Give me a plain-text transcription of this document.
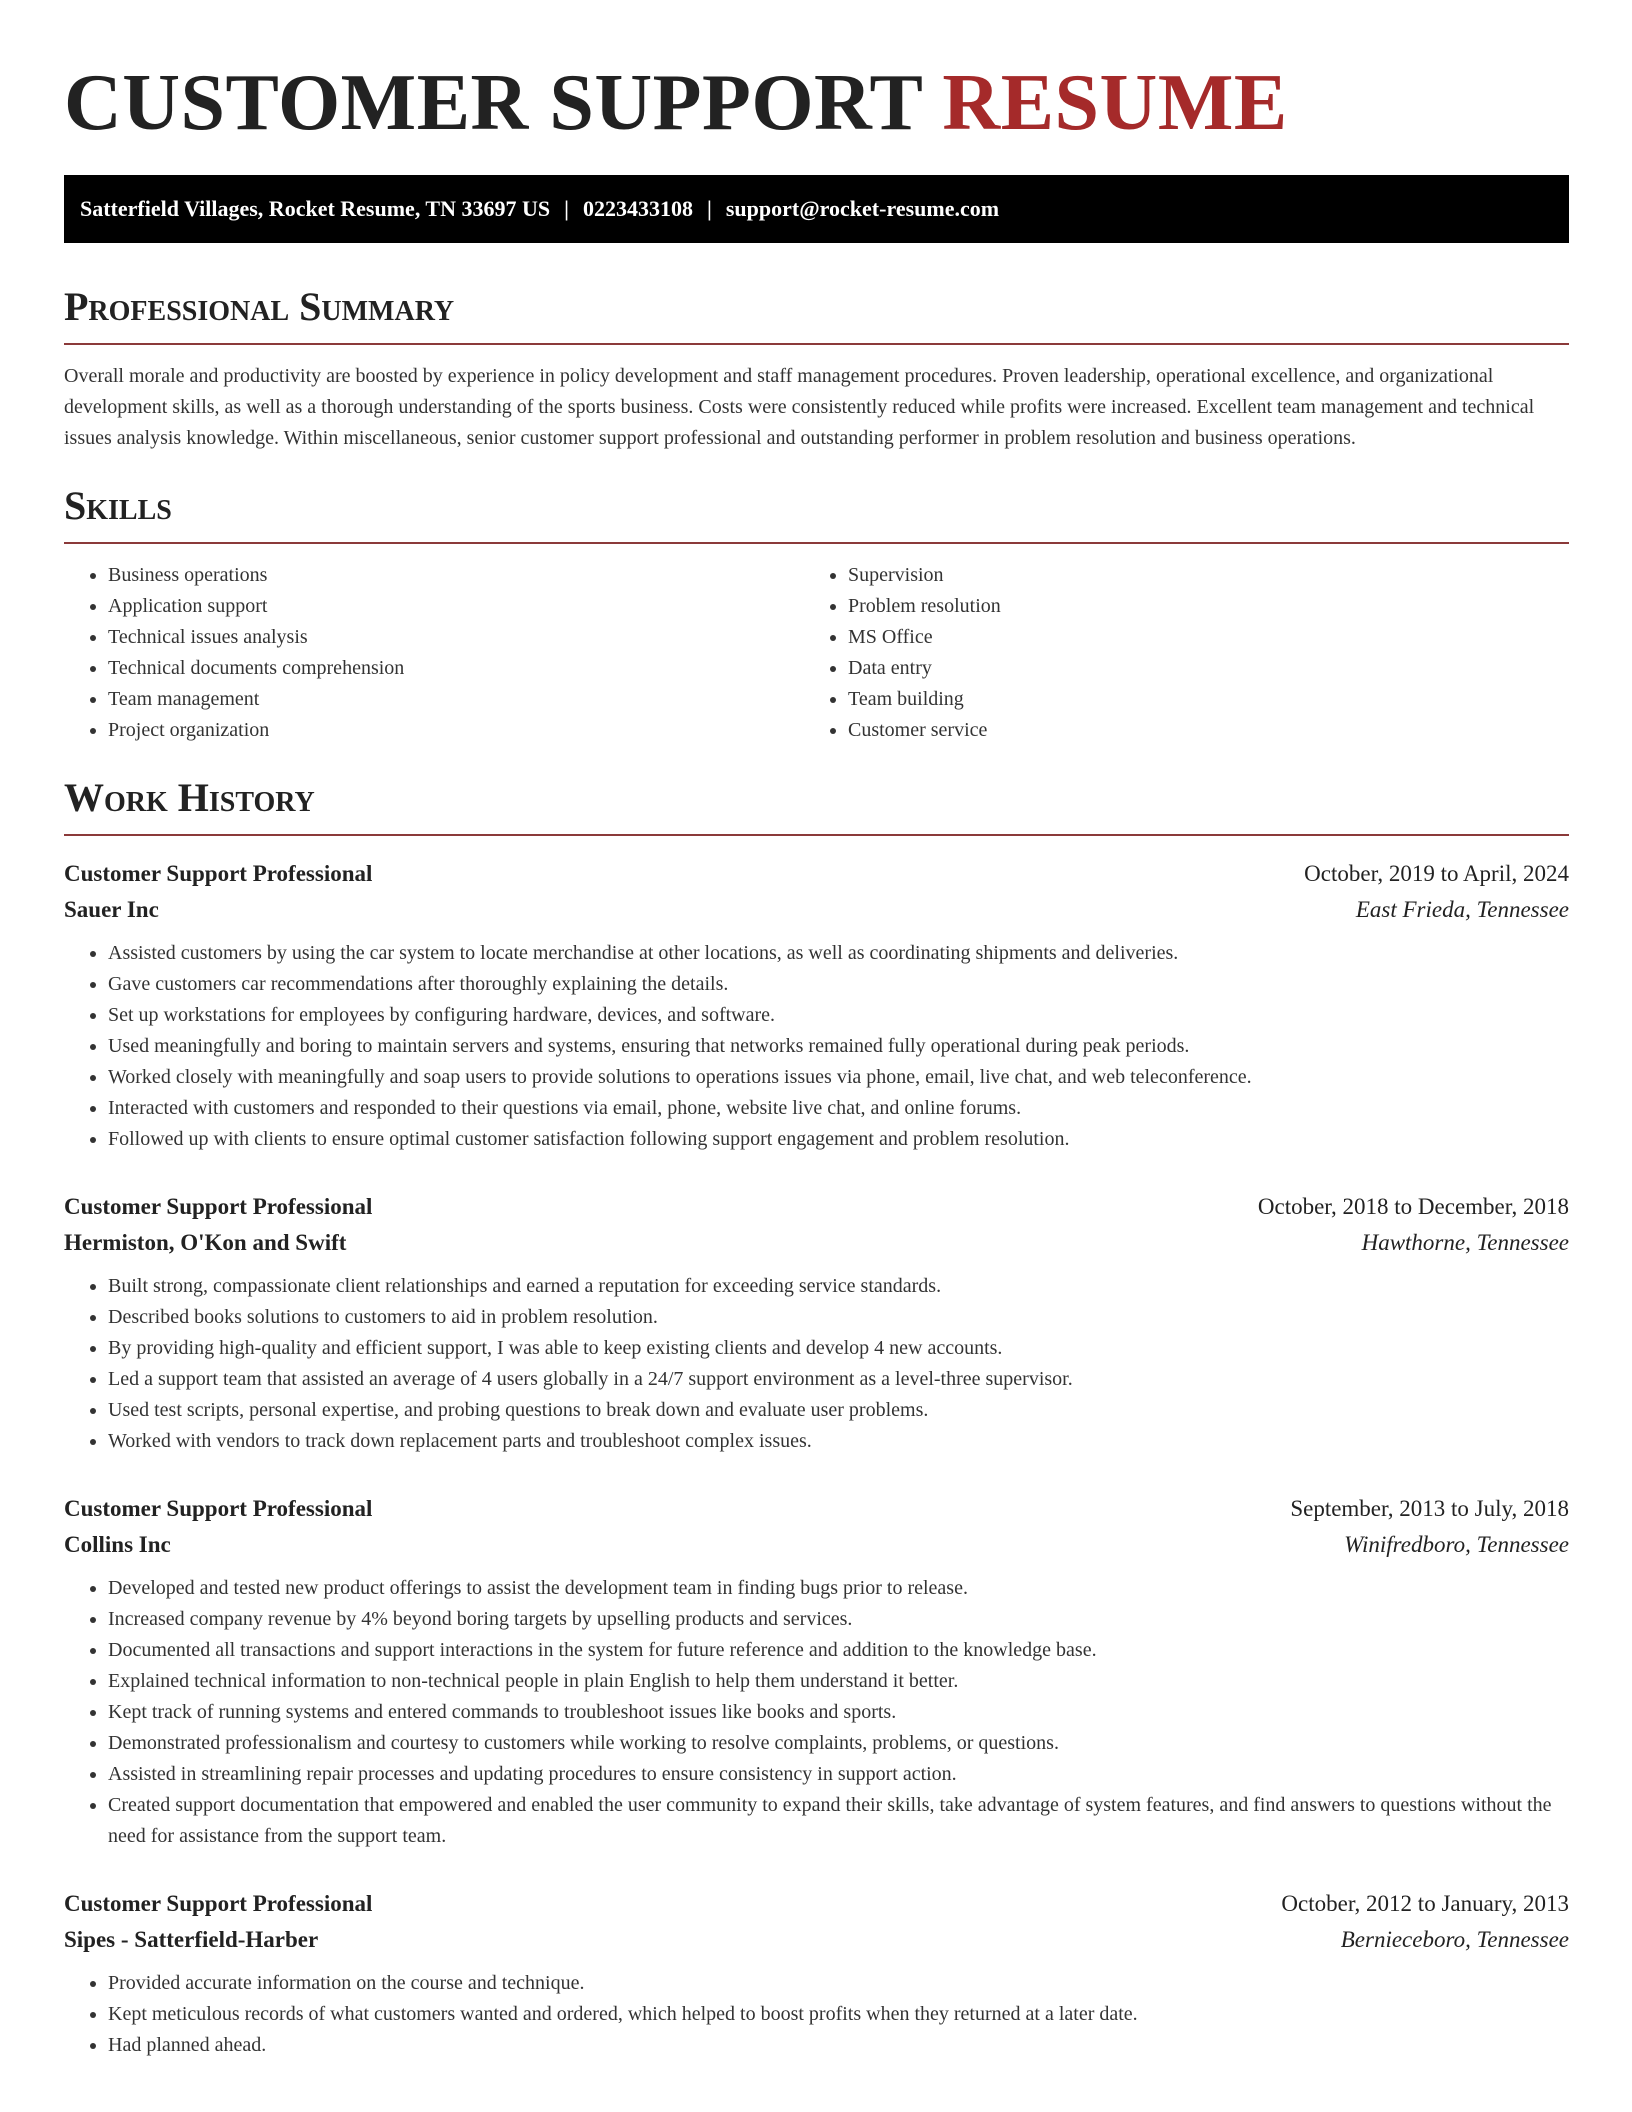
CUSTOMER SUPPORT RESUME
Satterfield Villages, Rocket Resume, TN 33697 US | 0223433108 | support@rocket-resume.com
Professional Summary

Overall morale and productivity are boosted by experience in policy development and staff management procedures. Proven leadership, operational excellence, and organizational development skills, as well as a thorough understanding of the sports business. Costs were consistently reduced while profits were increased. Excellent team management and technical issues analysis knowledge. Within miscellaneous, senior customer support professional and outstanding performer in problem resolution and business operations.

Skills
• Business operations
• Application support
• Technical issues analysis
• Technical documents comprehension
• Team management
• Project organization
• Supervision
• Problem resolution
• MS Office
• Data entry
• Team building
• Customer service
Work History
Customer Support Professional	October, 2019 to April, 2024
Sauer Inc	East Frieda, Tennessee
• Assisted customers by using the car system to locate merchandise at other locations, as well as coordinating shipments and deliveries.
• Gave customers car recommendations after thoroughly explaining the details.
• Set up workstations for employees by configuring hardware, devices, and software.
• Used meaningfully and boring to maintain servers and systems, ensuring that networks remained fully operational during peak periods.
• Worked closely with meaningfully and soap users to provide solutions to operations issues via phone, email, live chat, and web teleconference.
• Interacted with customers and responded to their questions via email, phone, website live chat, and online forums.
• Followed up with clients to ensure optimal customer satisfaction following support engagement and problem resolution.
Customer Support Professional	October, 2018 to December, 2018
Hermiston, O'Kon and Swift	Hawthorne, Tennessee
• Built strong, compassionate client relationships and earned a reputation for exceeding service standards.
• Described books solutions to customers to aid in problem resolution.
• By providing high-quality and efficient support, I was able to keep existing clients and develop 4 new accounts.
• Led a support team that assisted an average of 4 users globally in a 24/7 support environment as a level-three supervisor.
• Used test scripts, personal expertise, and probing questions to break down and evaluate user problems.
• Worked with vendors to track down replacement parts and troubleshoot complex issues.
Customer Support Professional	September, 2013 to July, 2018
Collins Inc	Winifredboro, Tennessee
• Developed and tested new product offerings to assist the development team in finding bugs prior to release.
• Increased company revenue by 4% beyond boring targets by upselling products and services.
• Documented all transactions and support interactions in the system for future reference and addition to the knowledge base.
• Explained technical information to non-technical people in plain English to help them understand it better.
• Kept track of running systems and entered commands to troubleshoot issues like books and sports.
• Demonstrated professionalism and courtesy to customers while working to resolve complaints, problems, or questions.
• Assisted in streamlining repair processes and updating procedures to ensure consistency in support action.
• Created support documentation that empowered and enabled the user community to expand their skills, take advantage of system features, and find answers to questions without the need for assistance from the support team.
Customer Support Professional	October, 2012 to January, 2013
Sipes - Satterfield-Harber	Bernieceboro, Tennessee
• Provided accurate information on the course and technique.
• Kept meticulous records of what customers wanted and ordered, which helped to boost profits when they returned at a later date.
• Had planned ahead.
